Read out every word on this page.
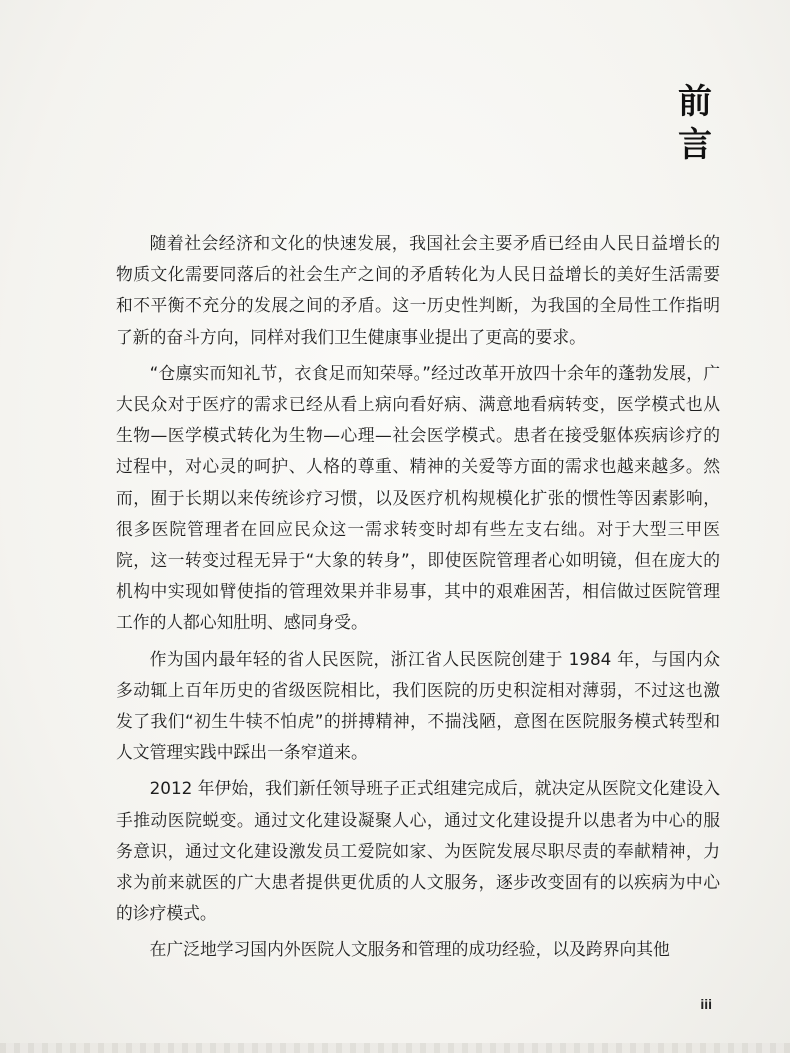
前
言

随着社会经济和文化的快速发展，我国社会主要矛盾已经由人民日益增长的物质文化需要同落后的社会生产之间的矛盾转化为人民日益增长的美好生活需要和不平衡不充分的发展之间的矛盾。这一历史性判断，为我国的全局性工作指明了新的奋斗方向，同样对我们卫生健康事业提出了更高的要求。

“仓廪实而知礼节，衣食足而知荣辱。”经过改革开放四十余年的蓬勃发展，广大民众对于医疗的需求已经从看上病向看好病、满意地看病转变，医学模式也从生物—医学模式转化为生物—心理—社会医学模式。患者在接受躯体疾病诊疗的过程中，对心灵的呵护、人格的尊重、精神的关爱等方面的需求也越来越多。然而，囿于长期以来传统诊疗习惯，以及医疗机构规模化扩张的惯性等因素影响，很多医院管理者在回应民众这一需求转变时却有些左支右绌。对于大型三甲医院，这一转变过程无异于“大象的转身”，即使医院管理者心如明镜，但在庞大的机构中实现如臂使指的管理效果并非易事，其中的艰难困苦，相信做过医院管理工作的人都心知肚明、感同身受。

作为国内最年轻的省人民医院，浙江省人民医院创建于 1984 年，与国内众多动辄上百年历史的省级医院相比，我们医院的历史积淀相对薄弱，不过这也激发了我们“初生牛犊不怕虎”的拼搏精神，不揣浅陋，意图在医院服务模式转型和人文管理实践中踩出一条窄道来。

2012 年伊始，我们新任领导班子正式组建完成后，就决定从医院文化建设入手推动医院蜕变。通过文化建设凝聚人心，通过文化建设提升以患者为中心的服务意识，通过文化建设激发员工爱院如家、为医院发展尽职尽责的奉献精神，力求为前来就医的广大患者提供更优质的人文服务，逐步改变固有的以疾病为中心的诊疗模式。

在广泛地学习国内外医院人文服务和管理的成功经验，以及跨界向其他

iii
